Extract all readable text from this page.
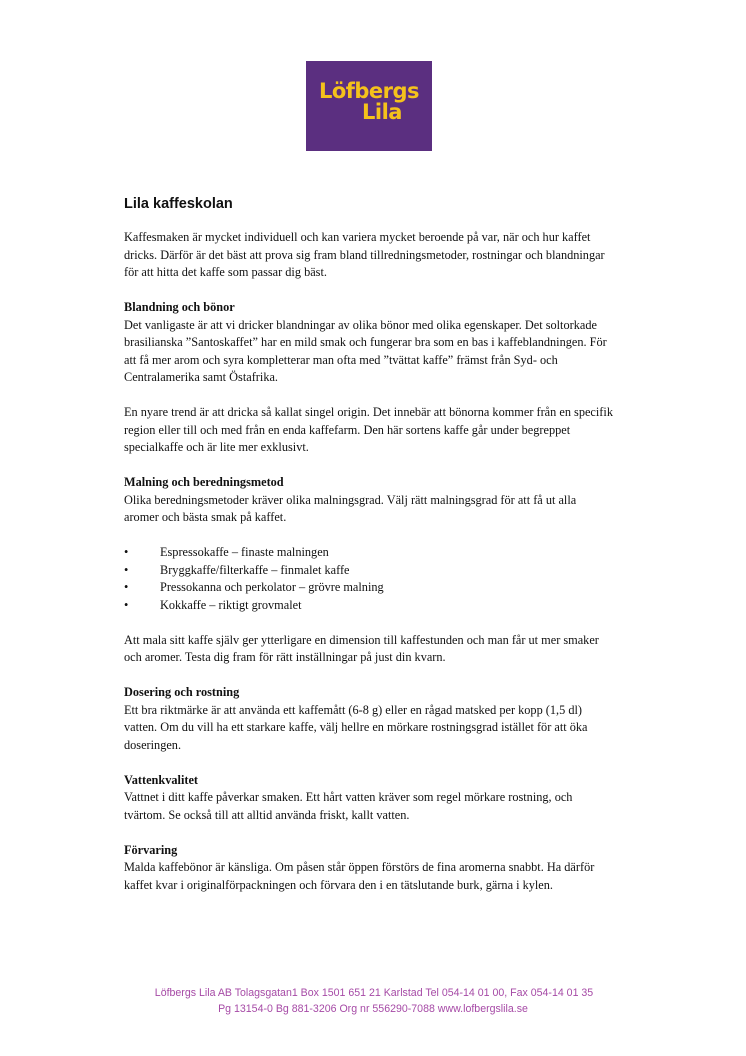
Löfbergs
Lila
Lila kaffeskolan

Kaffesmaken är mycket individuell och kan variera mycket beroende på var, när och hur kaffet dricks. Därför är det bäst att prova sig fram bland tillredningsmetoder, rostningar och blandningar för att hitta det kaffe som passar dig bäst.

Blandning och bönor

Det vanligaste är att vi dricker blandningar av olika bönor med olika egenskaper. Det soltorkade brasilianska ”Santoskaffet” har en mild smak och fungerar bra som en bas i kaffeblandningen. För att få mer arom och syra kompletterar man ofta med ”tvättat kaffe” främst från Syd- och Centralamerika samt Östafrika.

En nyare trend är att dricka så kallat singel origin. Det innebär att bönorna kommer från en specifik region eller till och med från en enda kaffefarm. Den här sortens kaffe går under begreppet specialkaffe och är lite mer exklusivt.

Malning och beredningsmetod

Olika beredningsmetoder kräver olika malningsgrad. Välj rätt malningsgrad för att få ut alla aromer och bästa smak på kaffet.

•	Espressokaffe – finaste malningen
•	Bryggkaffe/filterkaffe – finmalet kaffe
•	Pressokanna och perkolator – grövre malning
•	Kokkaffe – riktigt grovmalet

Att mala sitt kaffe själv ger ytterligare en dimension till kaffestunden och man får ut mer smaker och aromer. Testa dig fram för rätt inställningar på just din kvarn.

Dosering och rostning

Ett bra riktmärke är att använda ett kaffemått (6-8 g) eller en rågad matsked per kopp (1,5 dl) vatten. Om du vill ha ett starkare kaffe, välj hellre en mörkare rostningsgrad istället för att öka doseringen.

Vattenkvalitet

Vattnet i ditt kaffe påverkar smaken. Ett hårt vatten kräver som regel mörkare rostning, och tvärtom. Se också till att alltid använda friskt, kallt vatten.

Förvaring

Malda kaffebönor är känsliga. Om påsen står öppen förstörs de fina aromerna snabbt. Ha därför kaffet kvar i originalförpackningen och förvara den i en tätslutande burk, gärna i kylen.

Löfbergs Lila AB Tolagsgatan1 Box 1501 651 21 Karlstad Tel 054-14 01 00, Fax 054-14 01 35
Pg 13154-0 Bg 881-3206 Org nr 556290-7088 www.lofbergslila.se
